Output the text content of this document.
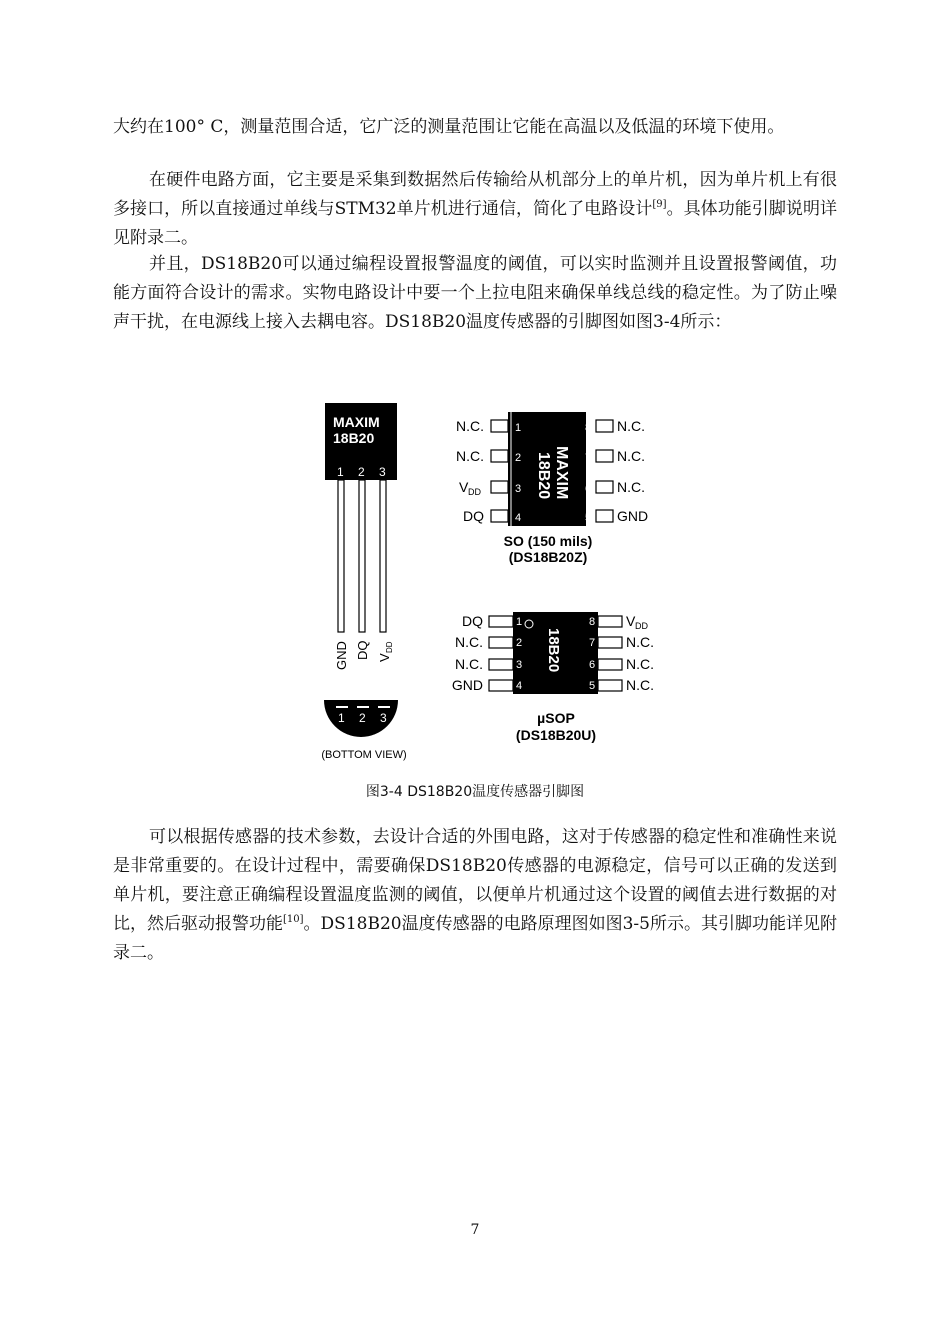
大约在100° C，测量范围合适，它广泛的测量范围让它能在高温以及低温的环境下使用。

在硬件电路方面，它主要是采集到数据然后传输给从机部分上的单片机，因为单片机上有很多接口，所以直接通过单线与STM32单片机进行通信，简化了电路设计[9]。具体功能引脚说明详见附录二。

并且，DS18B20可以通过编程设置报警温度的阈值，可以实时监测并且设置报警阈值，功能方面符合设计的需求。实物电路设计中要一个上拉电阻来确保单线总线的稳定性。为了防止噪声干扰，在电源线上接入去耦电容。DS18B20温度传感器的引脚图如图3-4所示：

MAXIM
18B20
1 2 3
GND DQ V
DD
1 2 3
(BOTTOM VIEW)
MAXIM
18B20
1
2
3
4
8
7
6
5
N.C.
N.C.
V DD
DQ
N.C.
N.C.
N.C.
GND
SO (150 mils)
(DS18B20Z)
18B20
1
2
3
4
8
7
6
5
DQ
N.C.
N.C.
GND
V DD
N.C.
N.C.
N.C.
µSOP
(DS18B20U)
图3-4 DS18B20温度传感器引脚图

可以根据传感器的技术参数，去设计合适的外围电路，这对于传感器的稳定性和准确性来说是非常重要的。在设计过程中，需要确保DS18B20传感器的电源稳定，信号可以正确的发送到单片机，要注意正确编程设置温度监测的阈值，以便单片机通过这个设置的阈值去进行数据的对比，然后驱动报警功能[10]。DS18B20温度传感器的电路原理图如图3-5所示。其引脚功能详见附录二。

7
